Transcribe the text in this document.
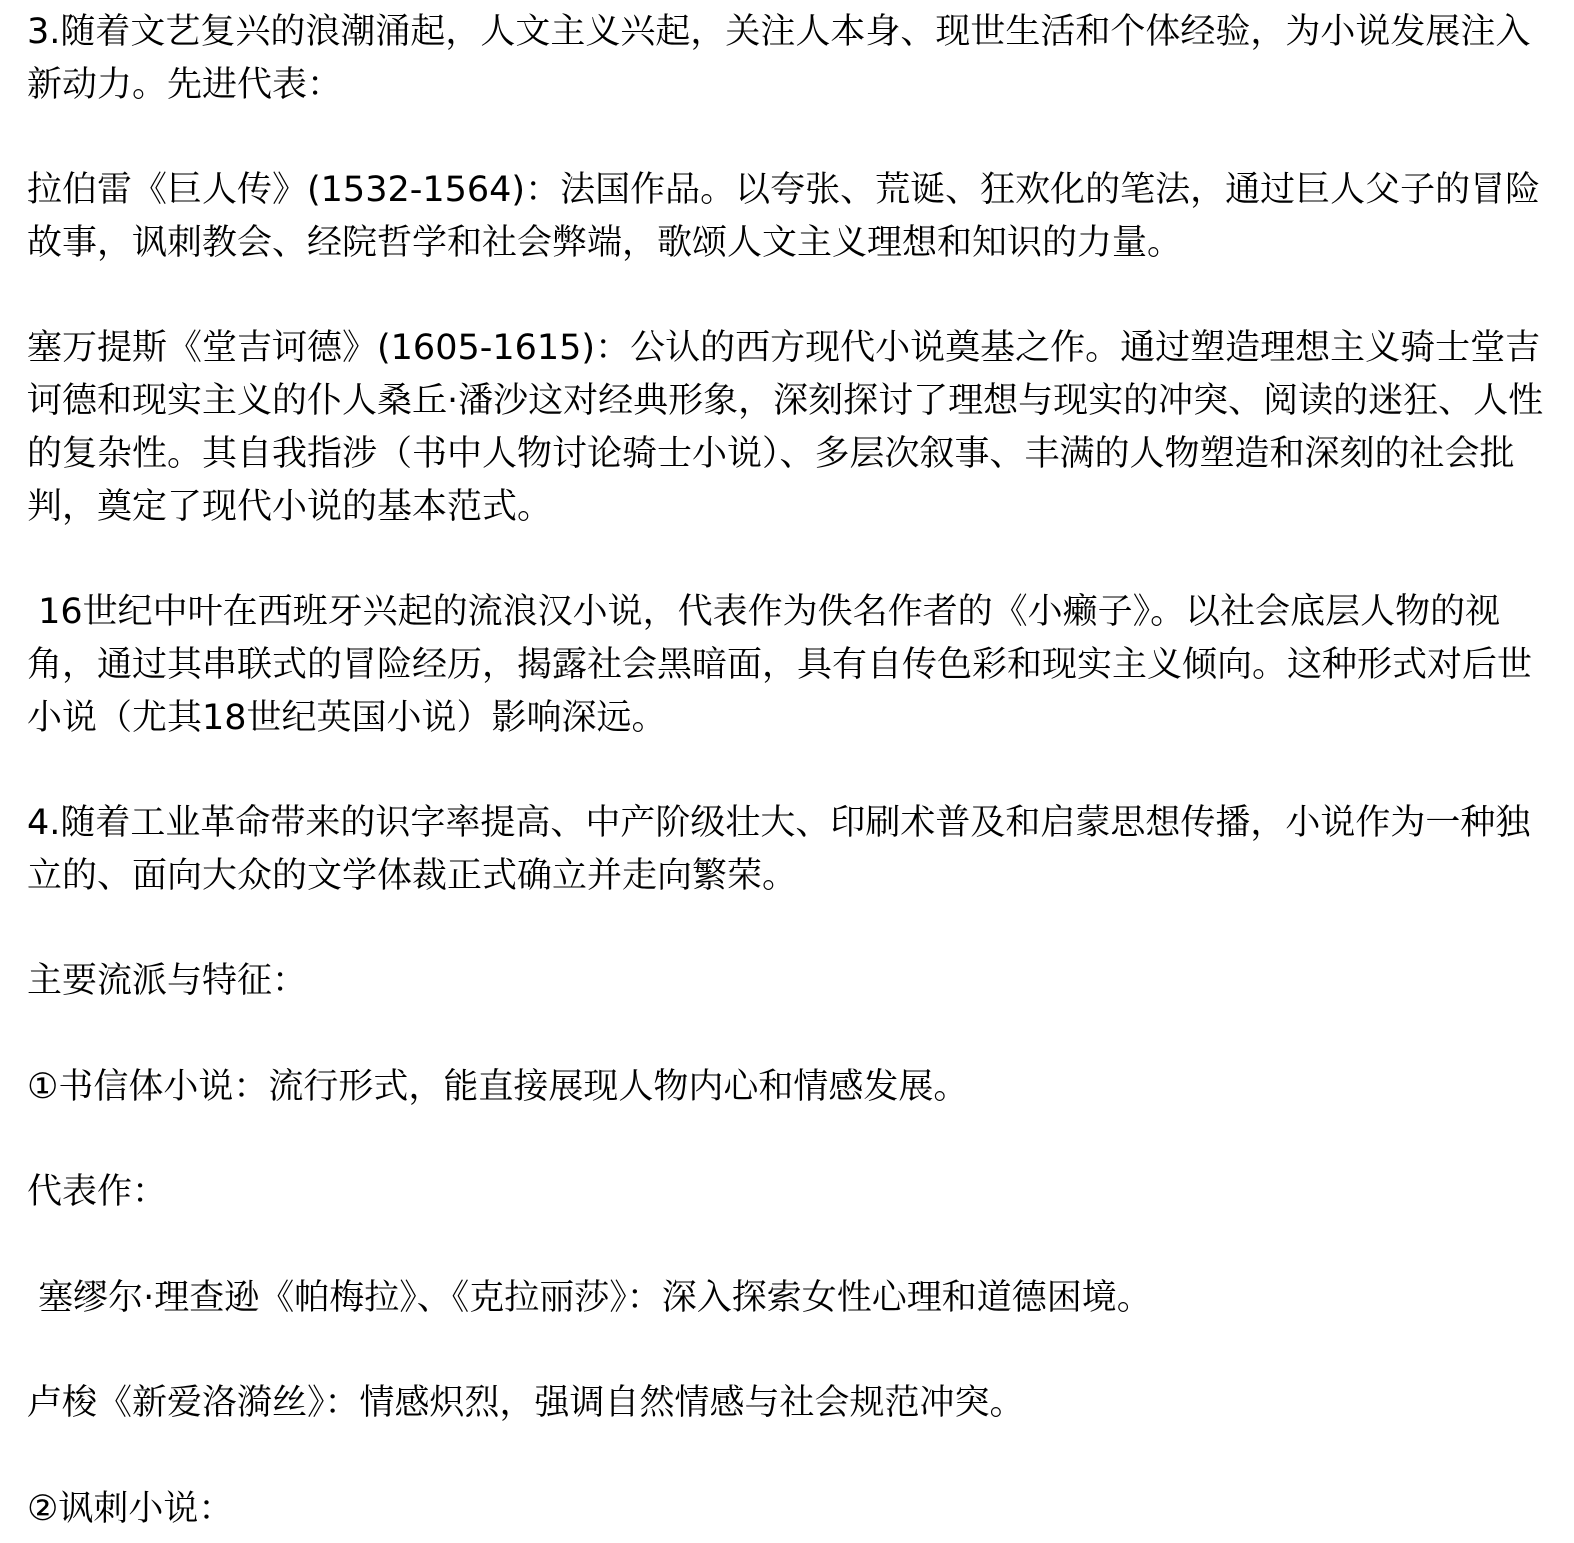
3.随着文艺复兴的浪潮涌起，人文主义兴起，关注人本身、现世生活和个体经验，为小说发展注入新动力。先进代表：

拉伯雷《巨人传》(1532-1564)：法国作品。以夸张、荒诞、狂欢化的笔法，通过巨人父子的冒险故事，讽刺教会、经院哲学和社会弊端，歌颂人文主义理想和知识的力量。

塞万提斯《堂吉诃德》(1605-1615)：公认的西方现代小说奠基之作。通过塑造理想主义骑士堂吉诃德和现实主义的仆人桑丘·潘沙这对经典形象，深刻探讨了理想与现实的冲突、阅读的迷狂、人性的复杂性。其自我指涉（书中人物讨论骑士小说）、多层次叙事、丰满的人物塑造和深刻的社会批判，奠定了现代小说的基本范式。

16世纪中叶在西班牙兴起的流浪汉小说，代表作为佚名作者的《小癞子》。以社会底层人物的视角，通过其串联式的冒险经历，揭露社会黑暗面，具有自传色彩和现实主义倾向。这种形式对后世小说（尤其18世纪英国小说）影响深远。

4.随着工业革命带来的识字率提高、中产阶级壮大、印刷术普及和启蒙思想传播，小说作为一种独立的、面向大众的文学体裁正式确立并走向繁荣。

主要流派与特征：

①书信体小说：流行形式，能直接展现人物内心和情感发展。

代表作：

塞缪尔·理查逊《帕梅拉》、《克拉丽莎》：深入探索女性心理和道德困境。

卢梭《新爱洛漪丝》：情感炽烈，强调自然情感与社会规范冲突。

②讽刺小说：
